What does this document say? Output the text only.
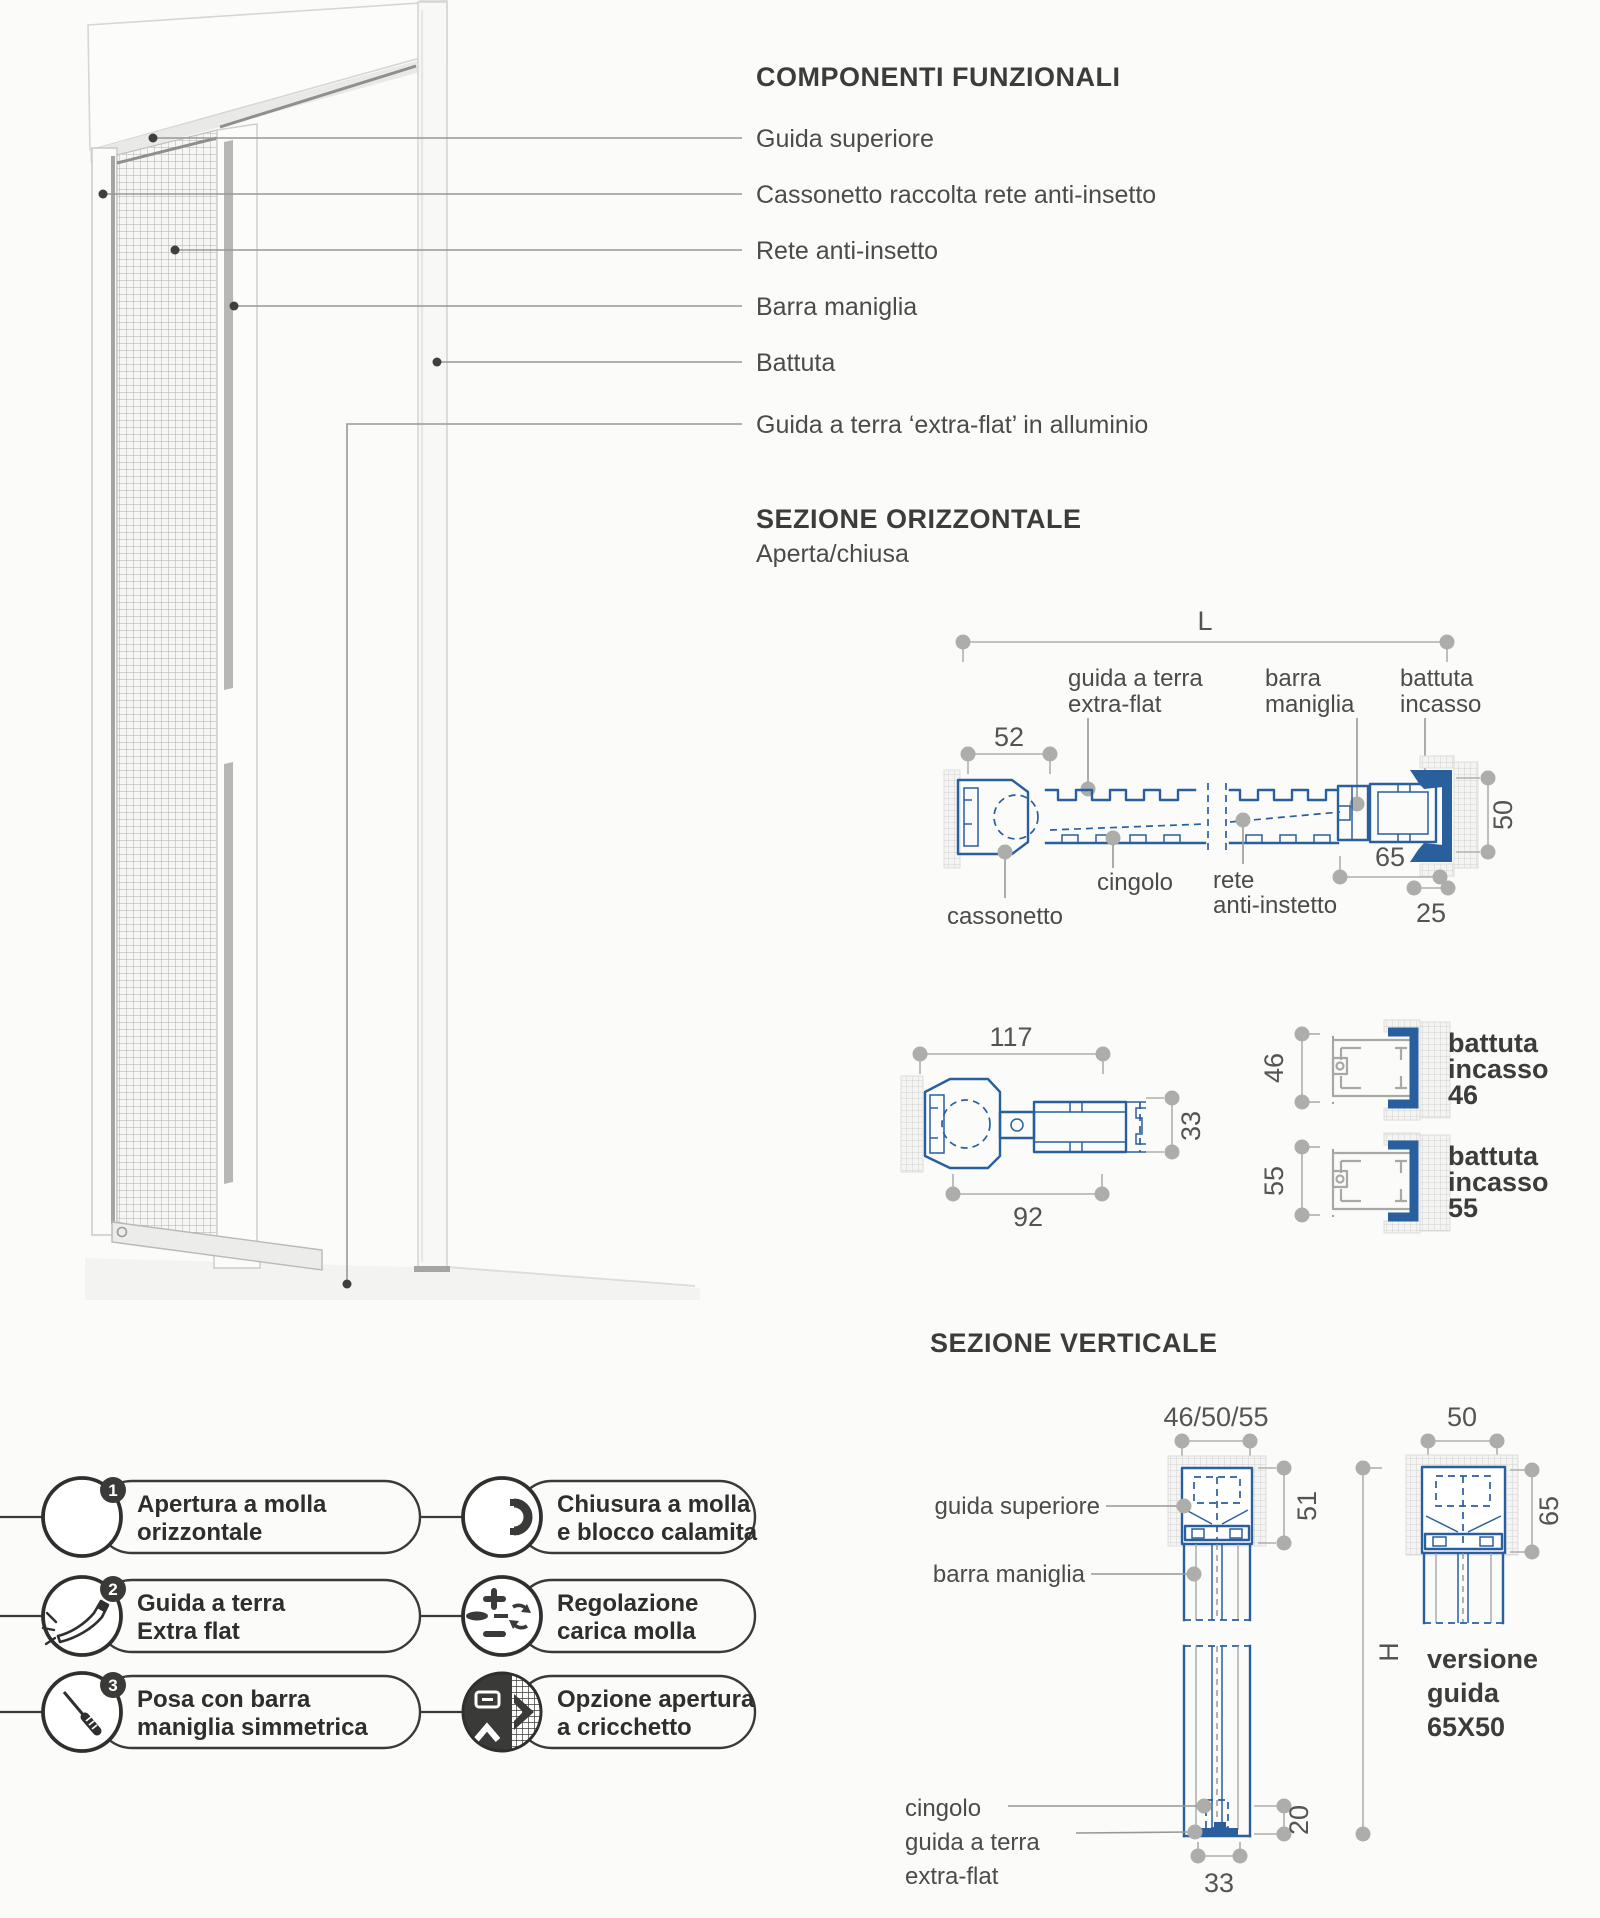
COMPONENTI FUNZIONALI
Guida superiore
Cassonetto raccolta rete anti-insetto
Rete anti-insetto
Barra maniglia
Battuta
Guida a terra ‘extra-flat’ in alluminio
SEZIONE ORIZZONTALE
Aperta/chiusa
L
guida a terra
extra-flat
barra
maniglia
battuta
incasso
52
50
65
25
cingolo rete
anti-instetto
cassonetto
117
33
92
46
battuta
incasso
46
55
battuta
incasso
55
SEZIONE VERTICALE
46/50/55
guida superiore
barra maniglia
cingolo
guida a terra
extra-flat
51
20
33
H
50
65
versione
guida
65X50
1
Apertura a molla
orizzontale
Chiusura a molla
e blocco calamita
2
Guida a terra
Extra flat
Regolazione
carica molla
3
Posa con barra
maniglia simmetrica
Opzione apertura
a cricchetto
